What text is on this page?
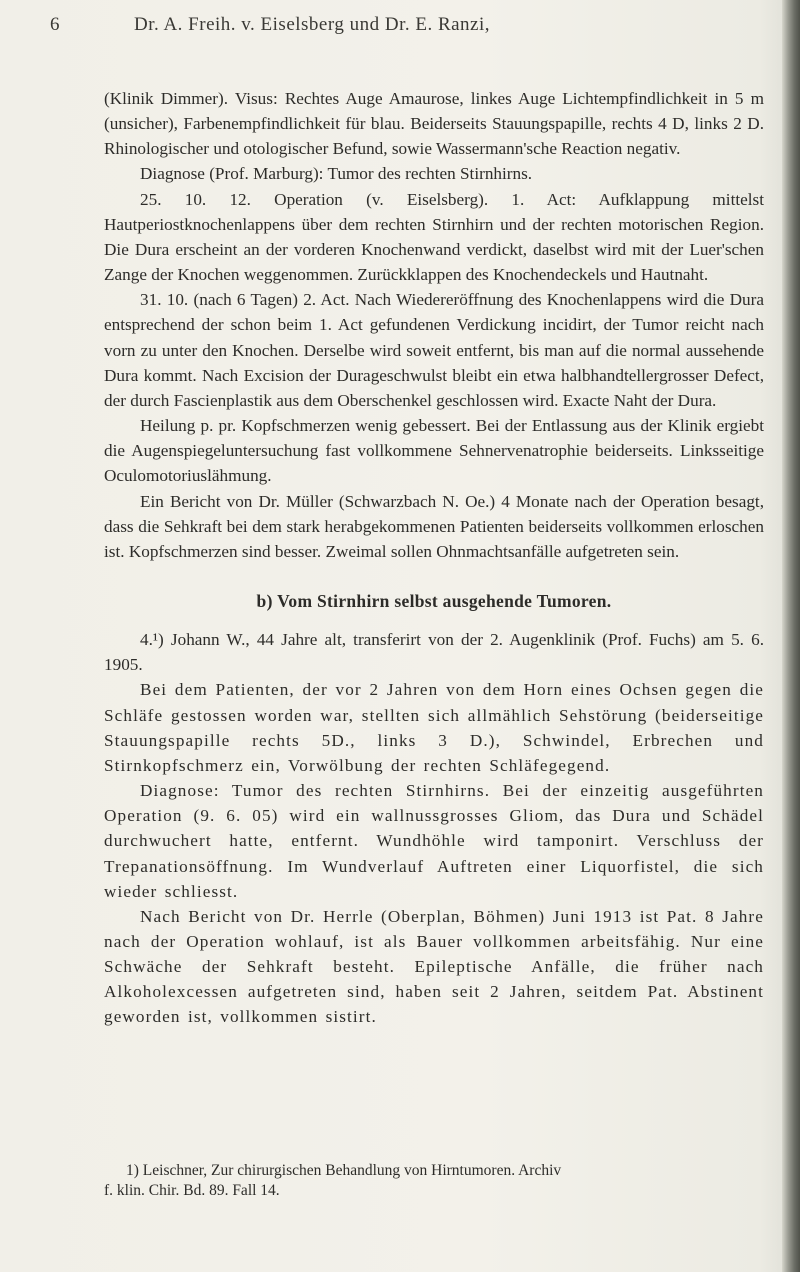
6	Dr. A. Freih. v. Eiselsberg und Dr. E. Ranzi,

(Klinik Dimmer). Visus: Rechtes Auge Amaurose, linkes Auge Lichtempfindlichkeit in 5 m (unsicher), Farbenempfindlichkeit für blau. Beiderseits Stauungspapille, rechts 4 D, links 2 D. Rhinologischer und otologischer Befund, sowie Wassermann'sche Reaction negativ.

Diagnose (Prof. Marburg): Tumor des rechten Stirnhirns.

25. 10. 12. Operation (v. Eiselsberg). 1. Act: Aufklappung mittelst Hautperiostknochenlappens über dem rechten Stirnhirn und der rechten motorischen Region. Die Dura erscheint an der vorderen Knochenwand verdickt, daselbst wird mit der Luer'schen Zange der Knochen weggenommen. Zurückklappen des Knochendeckels und Hautnaht.

31. 10. (nach 6 Tagen) 2. Act. Nach Wiedereröffnung des Knochenlappens wird die Dura entsprechend der schon beim 1. Act gefundenen Verdickung incidirt, der Tumor reicht nach vorn zu unter den Knochen. Derselbe wird soweit entfernt, bis man auf die normal aussehende Dura kommt. Nach Excision der Durageschwulst bleibt ein etwa halbhandtellergrosser Defect, der durch Fascienplastik aus dem Oberschenkel geschlossen wird. Exacte Naht der Dura.

Heilung p. pr. Kopfschmerzen wenig gebessert. Bei der Entlassung aus der Klinik ergiebt die Augenspiegeluntersuchung fast vollkommene Sehnervenatrophie beiderseits. Linksseitige Oculomotoriuslähmung.

Ein Bericht von Dr. Müller (Schwarzbach N. Oe.) 4 Monate nach der Operation besagt, dass die Sehkraft bei dem stark herabgekommenen Patienten beiderseits vollkommen erloschen ist. Kopfschmerzen sind besser. Zweimal sollen Ohnmachtsanfälle aufgetreten sein.

b) Vom Stirnhirn selbst ausgehende Tumoren.

4.¹) Johann W., 44 Jahre alt, transferirt von der 2. Augenklinik (Prof. Fuchs) am 5. 6. 1905.

Bei dem Patienten, der vor 2 Jahren von dem Horn eines Ochsen gegen die Schläfe gestossen worden war, stellten sich allmählich Sehstörung (beiderseitige Stauungspapille rechts 5D., links 3 D.), Schwindel, Erbrechen und Stirnkopfschmerz ein, Vorwölbung der rechten Schläfegegend.

Diagnose: Tumor des rechten Stirnhirns. Bei der einzeitig ausgeführten Operation (9. 6. 05) wird ein wallnussgrosses Gliom, das Dura und Schädel durchwuchert hatte, entfernt. Wundhöhle wird tamponirt. Verschluss der Trepanationsöffnung. Im Wundverlauf Auftreten einer Liquorfistel, die sich wieder schliesst.

Nach Bericht von Dr. Herrle (Oberplan, Böhmen) Juni 1913 ist Pat. 8 Jahre nach der Operation wohlauf, ist als Bauer vollkommen arbeitsfähig. Nur eine Schwäche der Sehkraft besteht. Epileptische Anfälle, die früher nach Alkoholexcessen aufgetreten sind, haben seit 2 Jahren, seitdem Pat. Abstinent geworden ist, vollkommen sistirt.

1) Leischner, Zur chirurgischen Behandlung von Hirntumoren. Archiv

f. klin. Chir. Bd. 89. Fall 14.
